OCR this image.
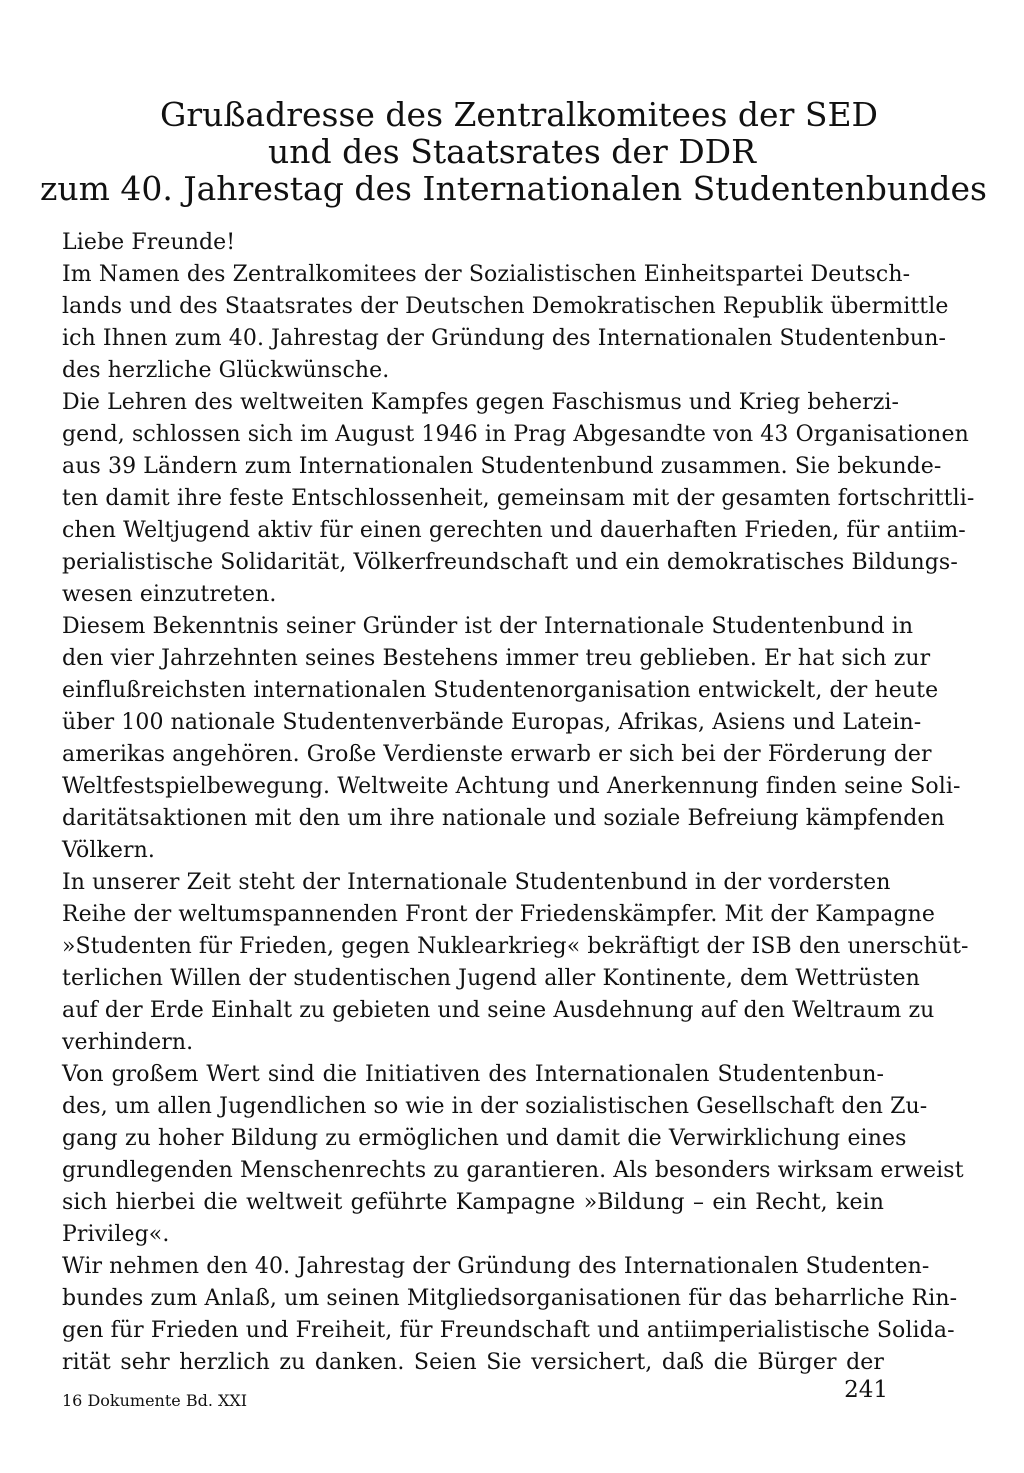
Grußadresse des Zentralkomitees der SED
und des Staatsrates der DDR
zum 40. Jahrestag des Internationalen Studentenbundes

Liebe Freunde!

Im Namen des Zentralkomitees der Sozialistischen Einheitspartei Deutsch-
lands und des Staatsrates der Deutschen Demokratischen Republik übermittle
ich Ihnen zum 40. Jahrestag der Gründung des Internationalen Studentenbun-
des herzliche Glückwünsche.

Die Lehren des weltweiten Kampfes gegen Faschismus und Krieg beherzi-
gend, schlossen sich im August 1946 in Prag Abgesandte von 43 Organisationen
aus 39 Ländern zum Internationalen Studentenbund zusammen. Sie bekunde-
ten damit ihre feste Entschlossenheit, gemeinsam mit der gesamten fortschrittli-
chen Weltjugend aktiv für einen gerechten und dauerhaften Frieden, für antiim-
perialistische Solidarität, Völkerfreundschaft und ein demokratisches Bildungs-
wesen einzutreten.

Diesem Bekenntnis seiner Gründer ist der Internationale Studentenbund in
den vier Jahrzehnten seines Bestehens immer treu geblieben. Er hat sich zur
einflußreichsten internationalen Studentenorganisation entwickelt, der heute
über 100 nationale Studentenverbände Europas, Afrikas, Asiens und Latein-
amerikas angehören. Große Verdienste erwarb er sich bei der Förderung der
Weltfestspielbewegung. Weltweite Achtung und Anerkennung finden seine Soli-
daritätsaktionen mit den um ihre nationale und soziale Befreiung kämpfenden
Völkern.

In unserer Zeit steht der Internationale Studentenbund in der vordersten
Reihe der weltumspannenden Front der Friedenskämpfer. Mit der Kampagne
»Studenten für Frieden, gegen Nuklearkrieg« bekräftigt der ISB den unerschüt-
terlichen Willen der studentischen Jugend aller Kontinente, dem Wettrüsten
auf der Erde Einhalt zu gebieten und seine Ausdehnung auf den Weltraum zu
verhindern.

Von großem Wert sind die Initiativen des Internationalen Studentenbun-
des, um allen Jugendlichen so wie in der sozialistischen Gesellschaft den Zu-
gang zu hoher Bildung zu ermöglichen und damit die Verwirklichung eines
grundlegenden Menschenrechts zu garantieren. Als besonders wirksam erweist
sich hierbei die weltweit geführte Kampagne »Bildung – ein Recht, kein
Privileg«.

Wir nehmen den 40. Jahrestag der Gründung des Internationalen Studenten-
bundes zum Anlaß, um seinen Mitgliedsorganisationen für das beharrliche Rin-
gen für Frieden und Freiheit, für Freundschaft und antiimperialistische Solida-
rität sehr herzlich zu danken. Seien Sie versichert, daß die Bürger der

16 Dokumente Bd. XXI	241
